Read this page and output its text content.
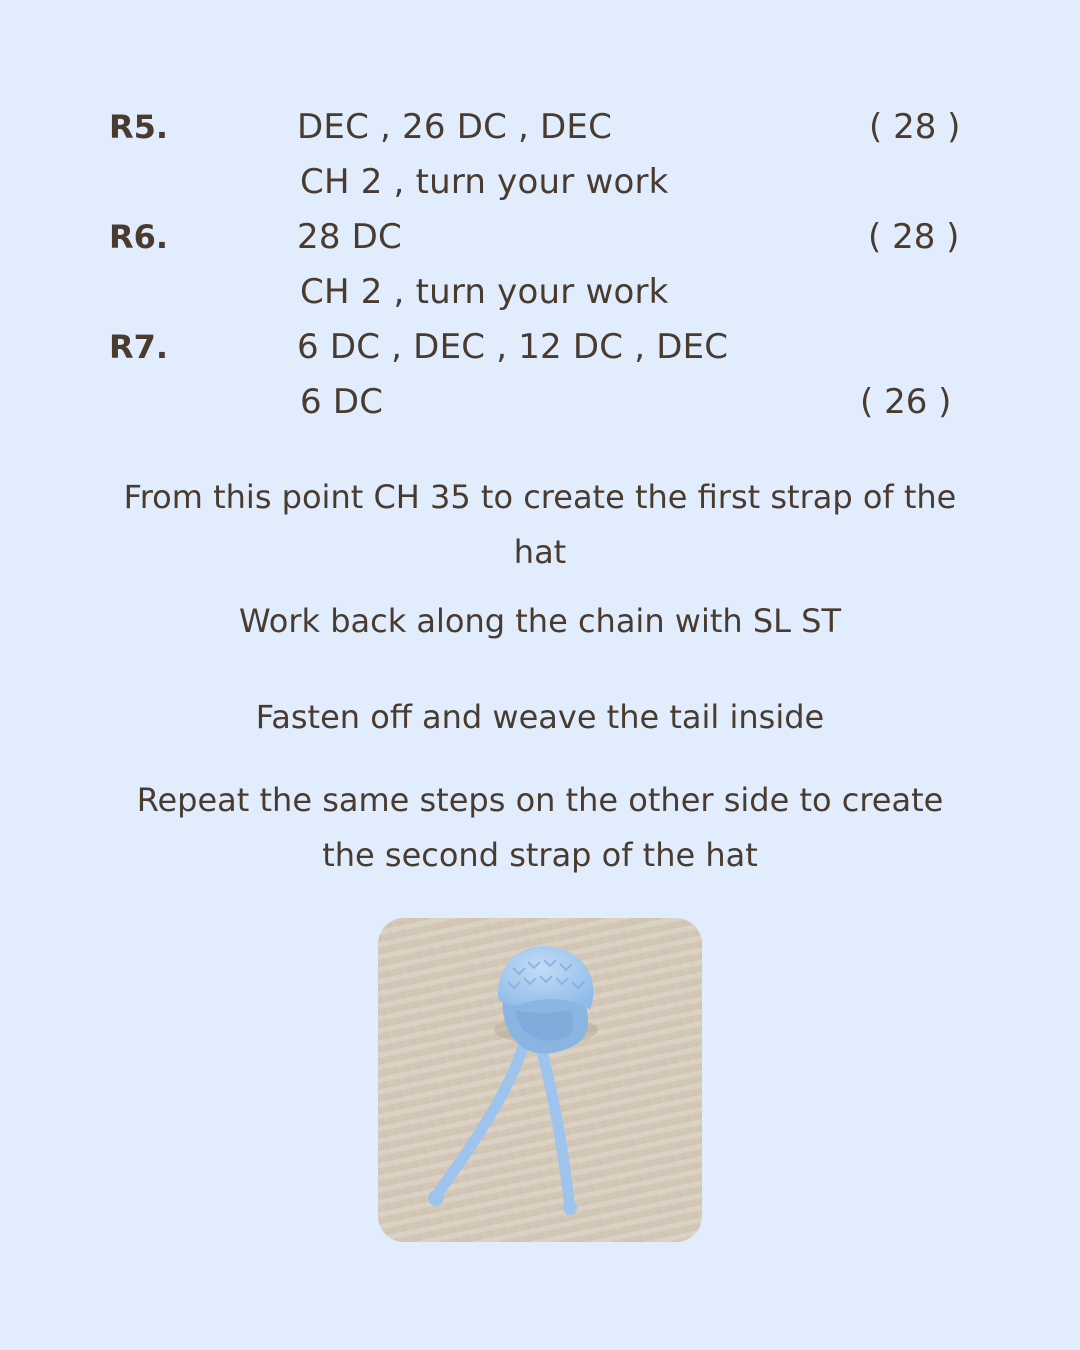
R5.	DEC , 26 DC , DEC	( 28 )
CH 2 , turn your work
R6.	28 DC	( 28 )
CH 2 , turn your work
R7.	6 DC , DEC , 12 DC , DEC
6 DC	( 26 )
From this point CH 35 to create the first strap of the hat
Work back along the chain with SL ST
Fasten off and weave the tail inside
Repeat the same steps on the other side to create the second strap of the hat
